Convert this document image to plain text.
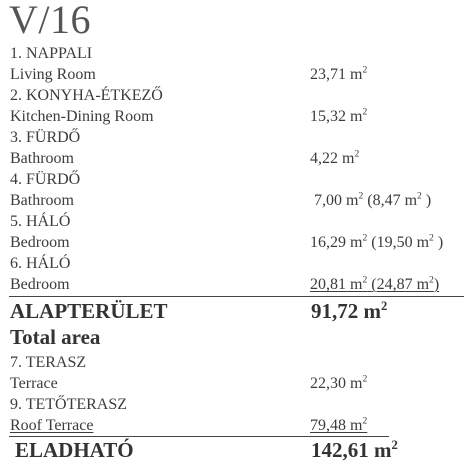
V/16
1. NAPPALI
Living Room	23,71 $m^2$
2. KONYHA-ÉTKEZŐ
Kitchen-Dining Room	15,32 $m^2$
3. FÜRDŐ
Bathroom	4,22 $m^2$
4. FÜRDŐ
Bathroom	7,00 $m^2$ (8,47 $m^2$ )
5. HÁLÓ
Bedroom	16,29 $m^2$ (19,50 $m^2$ )
6. HÁLÓ
Bedroom	20,81 $m^2$ (24,87 $m^2$)
ALAPTERÜLET	91,72 $m^2$
Total area
7. TERASZ
Terrace	22,30 $m^2$
9. TETŐTERASZ
Roof Terrace	79,48 $m^2$
ELADHATÓ	142,61 $m^2$
